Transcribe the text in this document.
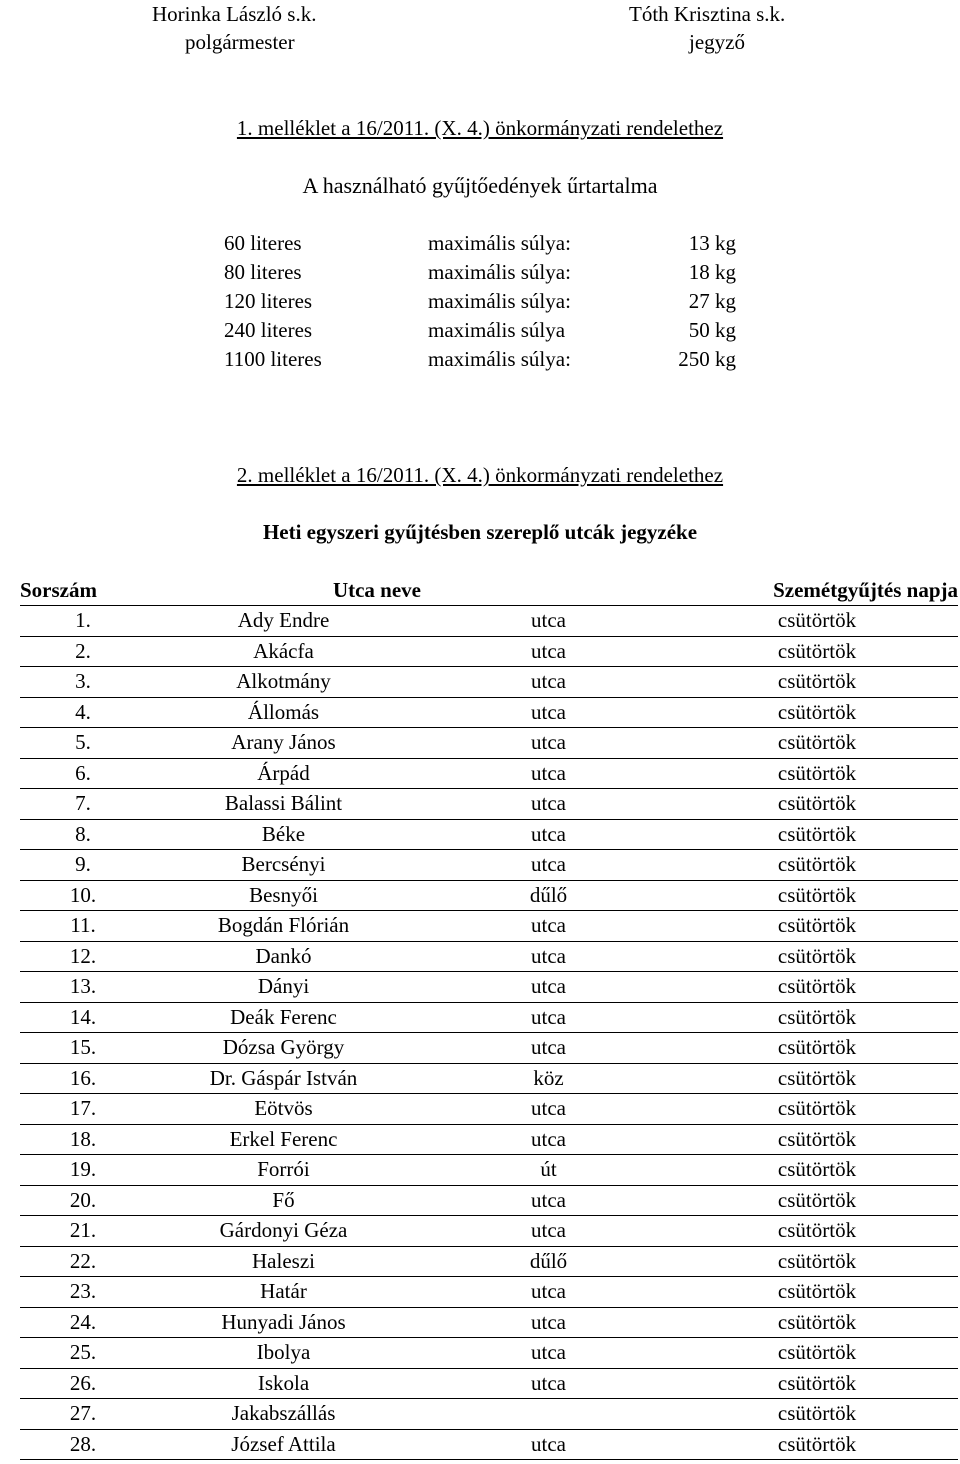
Horinka László s.k.
polgármester
Tóth Krisztina s.k.
jegyző
1. melléklet a 16/2011. (X. 4.) önkormányzati rendelethez
A használható gyűjtőedények űrtartalma
60 literes	maximális súlya:	13 kg
80 literes	maximális súlya:	18 kg
120 literes	maximális súlya:	27 kg
240 literes	maximális súlya	50 kg
1100 literes	maximális súlya:	250 kg
2. melléklet a 16/2011. (X. 4.) önkormányzati rendelethez
Heti egyszeri gyűjtésben szereplő utcák jegyzéke
Sorszám	Utca neve		Szemétgyűjtés napja
1.	Ady Endre	utca	csütörtök
2.	Akácfa	utca	csütörtök
3.	Alkotmány	utca	csütörtök
4.	Állomás	utca	csütörtök
5.	Arany János	utca	csütörtök
6.	Árpád	utca	csütörtök
7.	Balassi Bálint	utca	csütörtök
8.	Béke	utca	csütörtök
9.	Bercsényi	utca	csütörtök
10.	Besnyői	dűlő	csütörtök
11.	Bogdán Flórián	utca	csütörtök
12.	Dankó	utca	csütörtök
13.	Dányi	utca	csütörtök
14.	Deák Ferenc	utca	csütörtök
15.	Dózsa György	utca	csütörtök
16.	Dr. Gáspár István	köz	csütörtök
17.	Eötvös	utca	csütörtök
18.	Erkel Ferenc	utca	csütörtök
19.	Forrói	út	csütörtök
20.	Fő	utca	csütörtök
21.	Gárdonyi Géza	utca	csütörtök
22.	Haleszi	dűlő	csütörtök
23.	Határ	utca	csütörtök
24.	Hunyadi János	utca	csütörtök
25.	Ibolya	utca	csütörtök
26.	Iskola	utca	csütörtök
27.	Jakabszállás		csütörtök
28.	József Attila	utca	csütörtök
